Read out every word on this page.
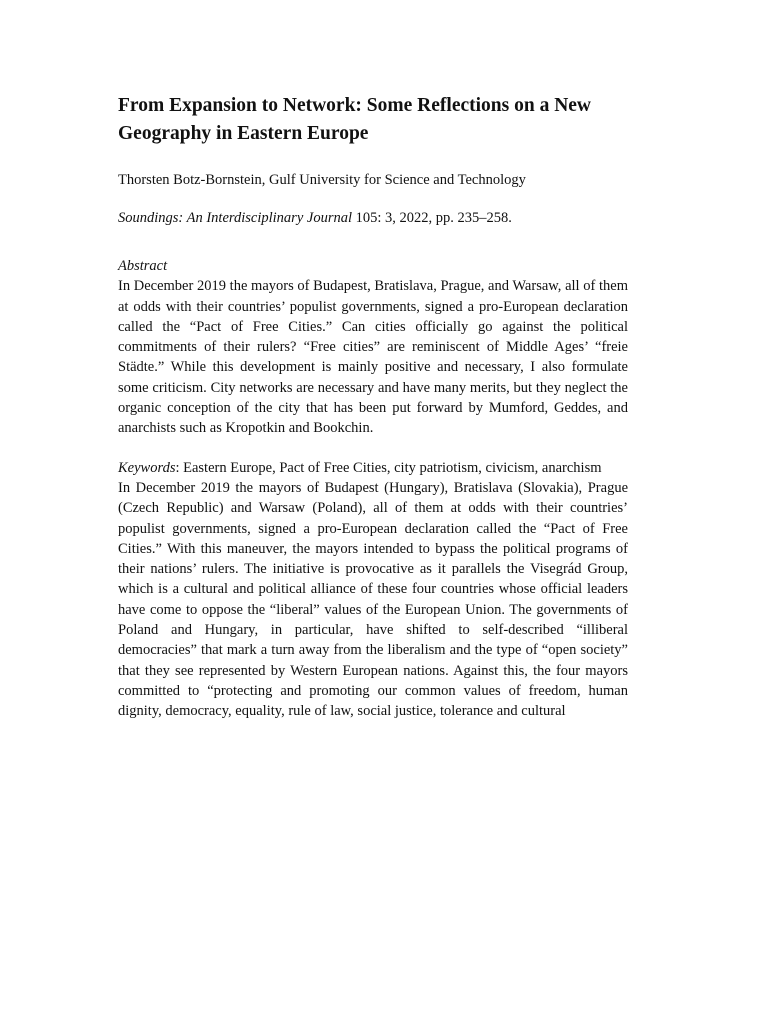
From Expansion to Network: Some Reflections on a New Geography in Eastern Europe
Thorsten Botz-Bornstein, Gulf University for Science and Technology
Soundings: An Interdisciplinary Journal 105: 3, 2022, pp. 235–258.
Abstract

In December 2019 the mayors of Budapest, Bratislava, Prague, and Warsaw, all of them at odds with their countries’ populist governments, signed a pro-European declaration called the “Pact of Free Cities.” Can cities officially go against the political commitments of their rulers? “Free cities” are reminiscent of Middle Ages’ “freie Städte.” While this development is mainly positive and necessary, I also formulate some criticism. City networks are necessary and have many merits, but they neglect the organic conception of the city that has been put forward by Mumford, Geddes, and anarchists such as Kropotkin and Bookchin.

Keywords: Eastern Europe, Pact of Free Cities, city patriotism, civicism, anarchism

In December 2019 the mayors of Budapest (Hungary), Bratislava (Slovakia), Prague (Czech Republic) and Warsaw (Poland), all of them at odds with their countries’ populist governments, signed a pro-European declaration called the “Pact of Free Cities.” With this maneuver, the mayors intended to bypass the political programs of their nations’ rulers. The initiative is provocative as it parallels the Visegrád Group, which is a cultural and political alliance of these four countries whose official leaders have come to oppose the “liberal” values of the European Union. The governments of Poland and Hungary, in particular, have shifted to self-described “illiberal democracies” that mark a turn away from the liberalism and the type of “open society” that they see represented by Western European nations. Against this, the four mayors committed to “protecting and promoting our common values of freedom, human dignity, democracy, equality, rule of law, social justice, tolerance and cultural
